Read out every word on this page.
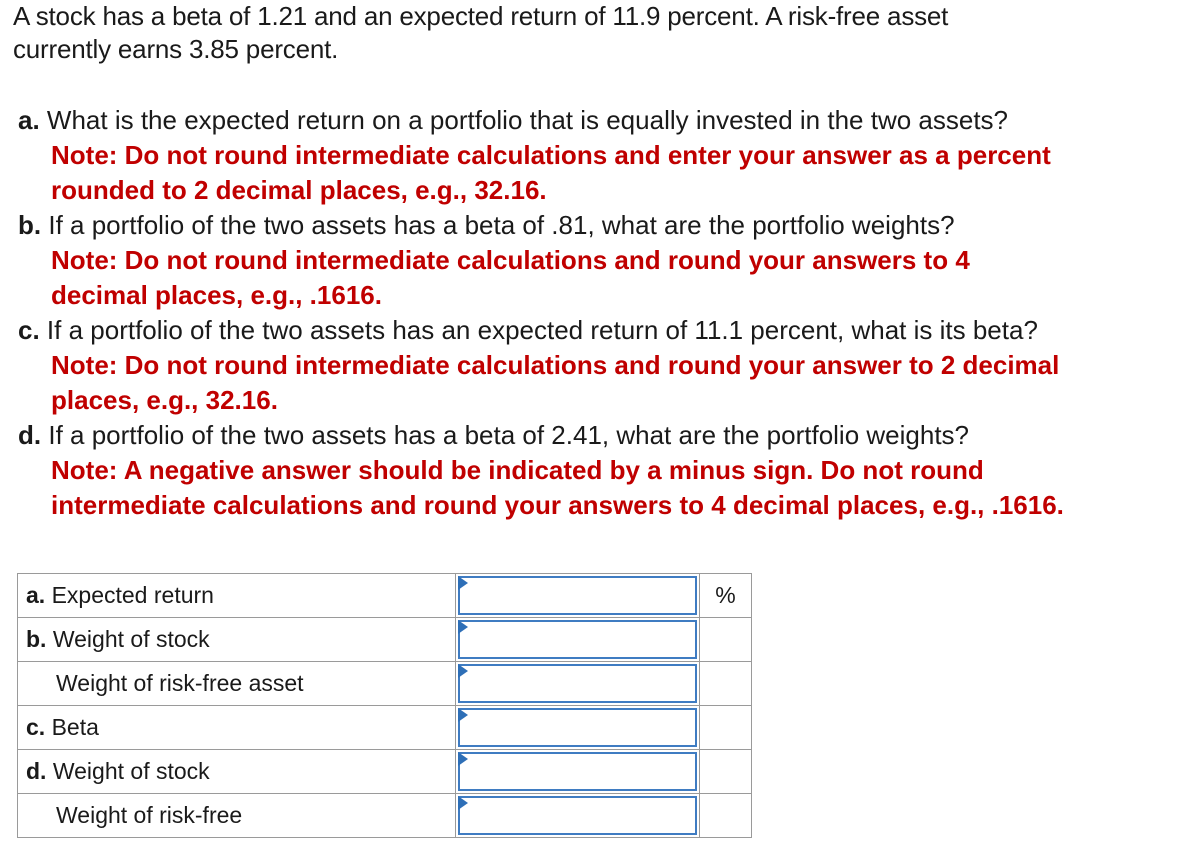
A stock has a beta of 1.21 and an expected return of 11.9 percent. A risk-free asset
currently earns 3.85 percent.
a. What is the expected return on a portfolio that is equally invested in the two assets?
Note: Do not round intermediate calculations and enter your answer as a percent
rounded to 2 decimal places, e.g., 32.16.
b. If a portfolio of the two assets has a beta of .81, what are the portfolio weights?
Note: Do not round intermediate calculations and round your answers to 4
decimal places, e.g., .1616.
c. If a portfolio of the two assets has an expected return of 11.1 percent, what is its beta?
Note: Do not round intermediate calculations and round your answer to 2 decimal
places, e.g., 32.16.
d. If a portfolio of the two assets has a beta of 2.41, what are the portfolio weights?
Note: A negative answer should be indicated by a minus sign. Do not round
intermediate calculations and round your answers to 4 decimal places, e.g., .1616.
a. Expected return		%
b. Weight of stock	

Weight of risk-free asset	

c. Beta	

d. Weight of stock	

Weight of risk-free	
